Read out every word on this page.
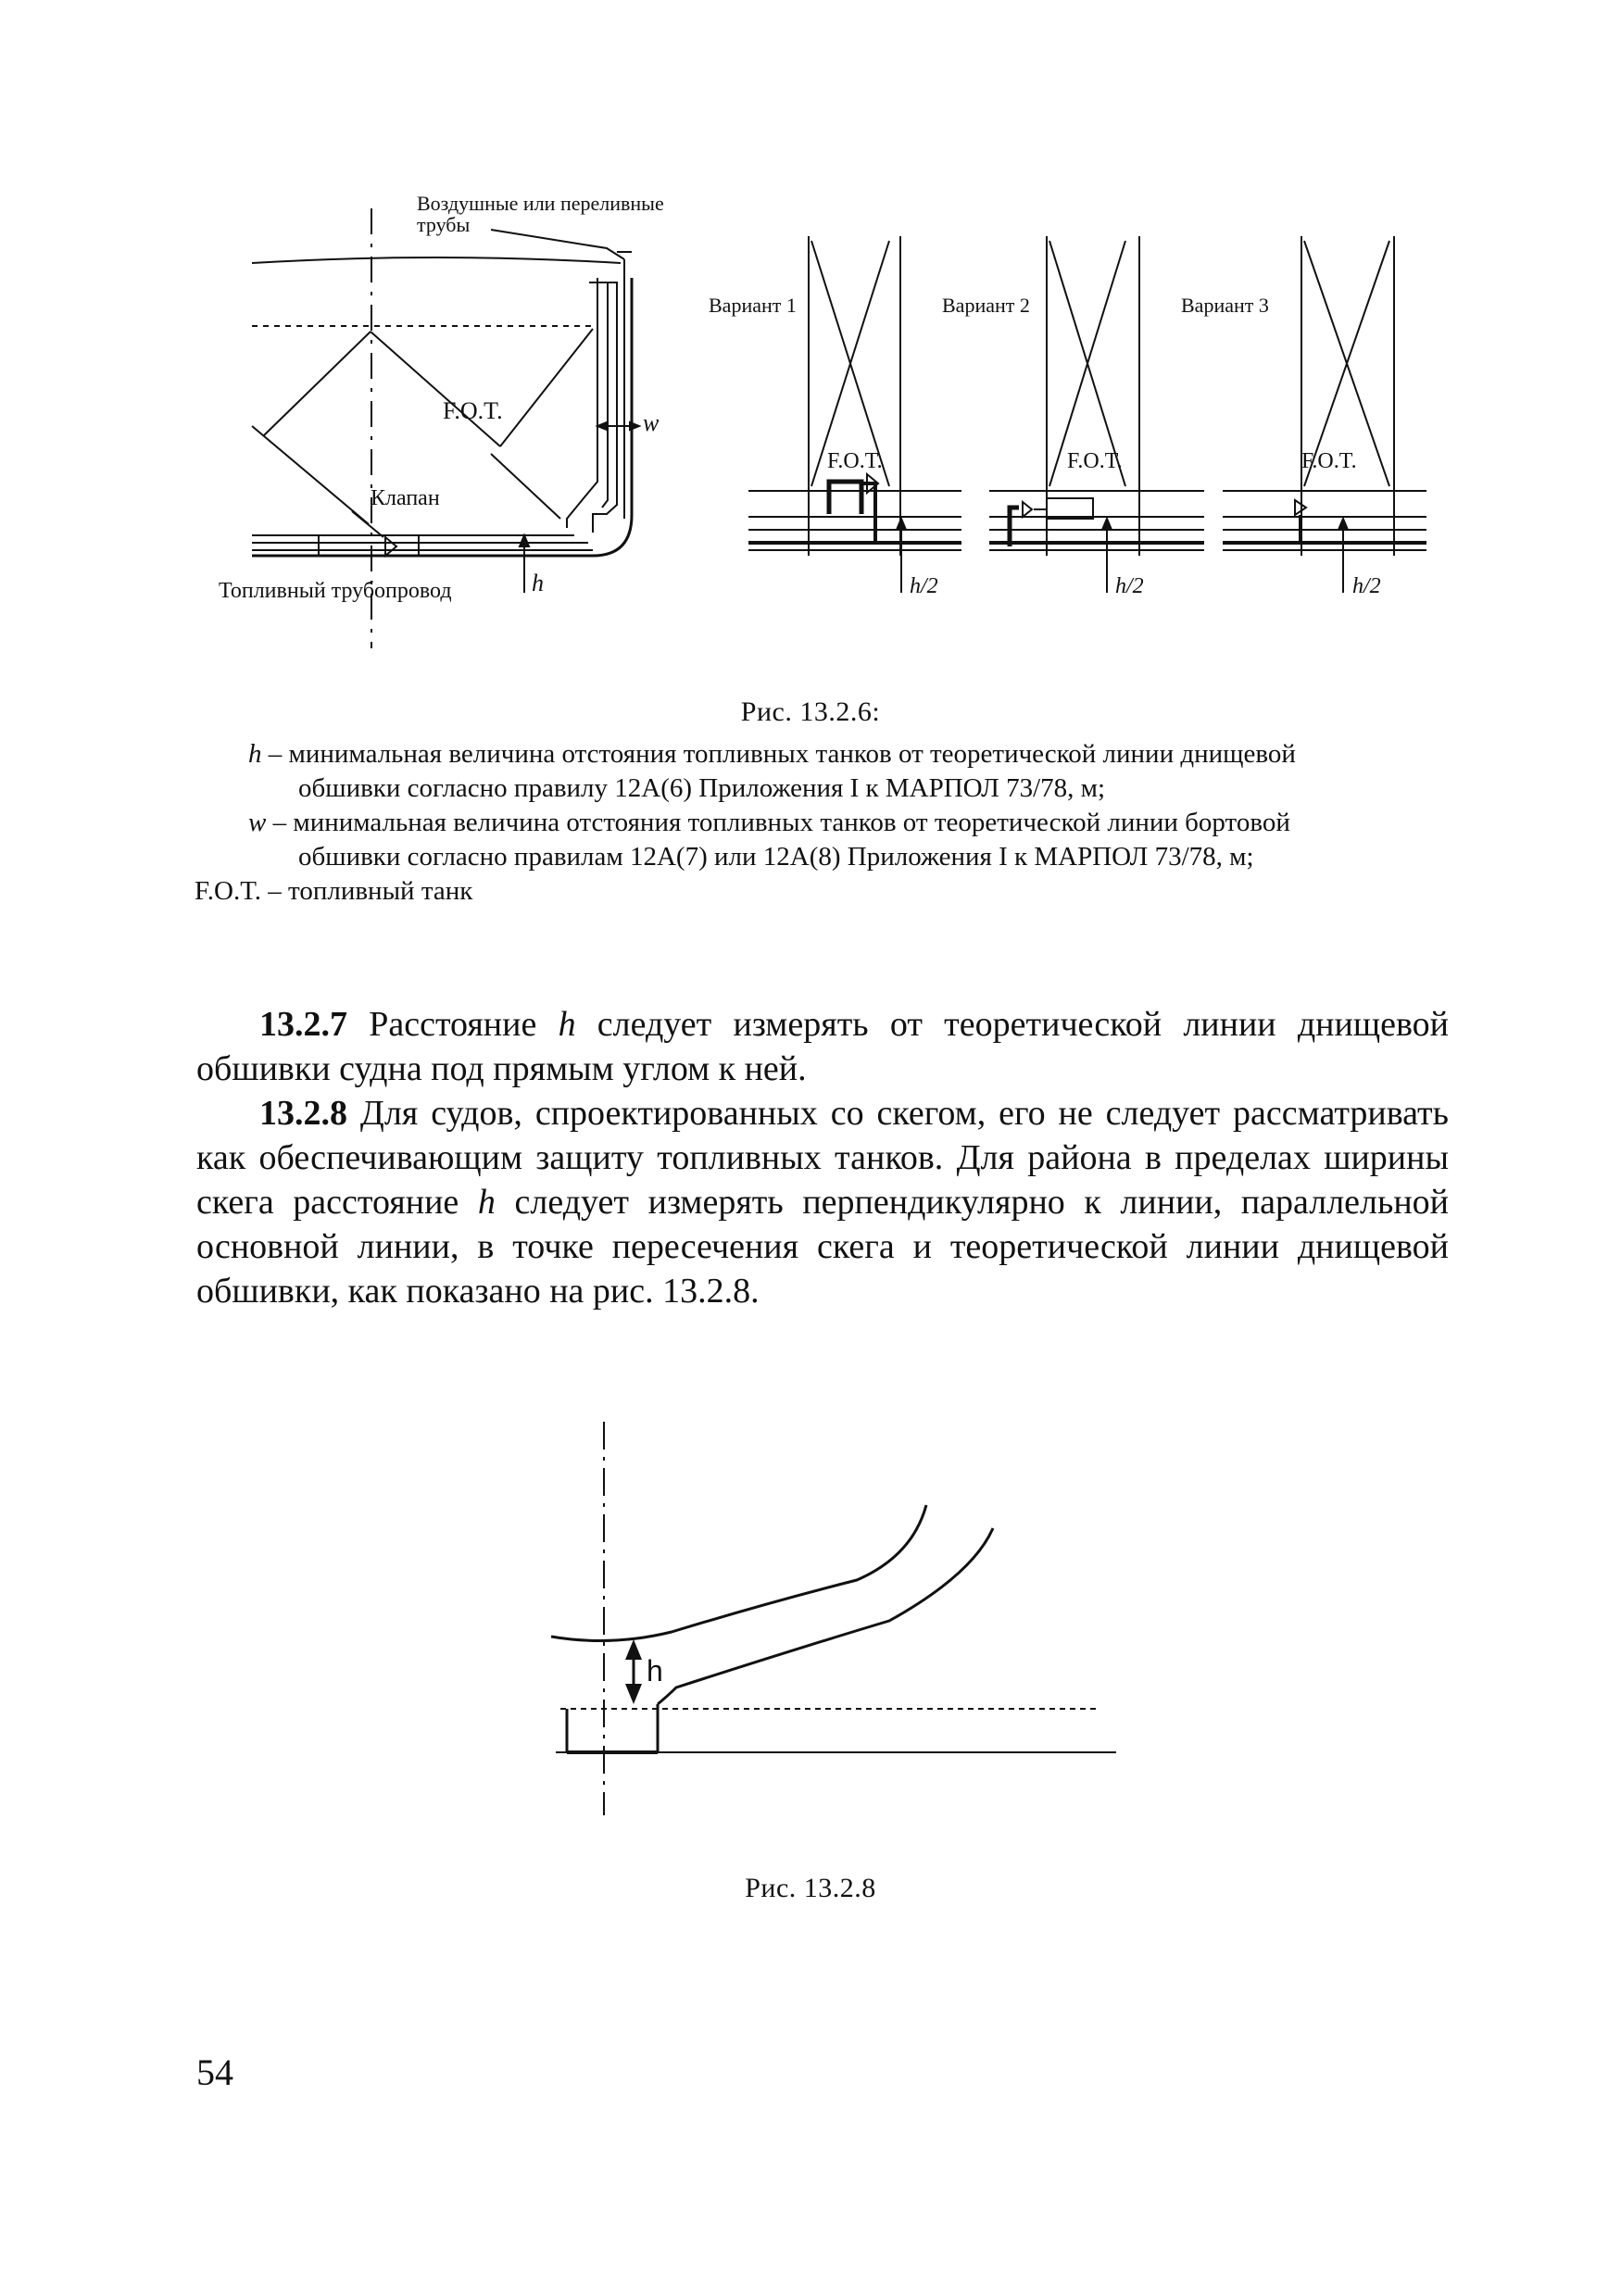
Воздушные или переливные
трубы
F.O.T.
Клапан
Топливный трубопровод	h
w
Вариант 1	Вариант 2	Вариант 3
F.O.T.	F.O.T.	F.O.T.
h/2	h/2	h/2
Рис. 13.2.6:

h – минимальная величина отстояния топливных танков от теоретической линии днищевой

обшивки согласно правилу 12A(6) Приложения I к МАРПОЛ 73/78, м;

w – минимальная величина отстояния топливных танков от теоретической линии бортовой

обшивки согласно правилам 12A(7) или 12A(8) Приложения I к МАРПОЛ 73/78, м;

F.O.T. – топливный танк

13.2.7 Расстояние h следует измерять от теоретической линии днищевой обшивки судна под прямым углом к ней.

13.2.8 Для судов, спроектированных со скегом, его не следует рассматривать как обеспечивающим защиту топливных танков. Для района в пределах ширины скега расстояние h следует измерять перпендикулярно к линии, параллельной основной линии, в точке пересечения скега и теоретической линии днищевой обшивки, как показано на рис. 13.2.8.

h
Рис. 13.2.8
54
